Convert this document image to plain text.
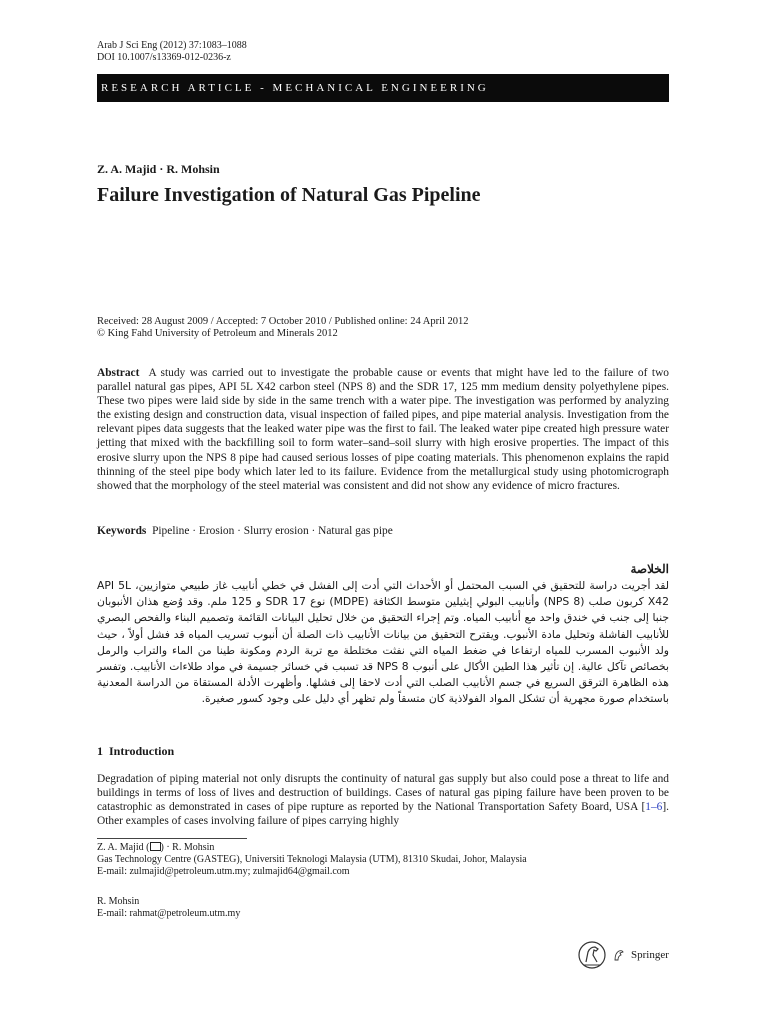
Arab J Sci Eng (2012) 37:1083–1088
DOI 10.1007/s13369-012-0236-z
RESEARCH ARTICLE - MECHANICAL ENGINEERING
Z. A. Majid · R. Mohsin
Failure Investigation of Natural Gas Pipeline
Received: 28 August 2009 / Accepted: 7 October 2010 / Published online: 24 April 2012
© King Fahd University of Petroleum and Minerals 2012

Abstract A study was carried out to investigate the probable cause or events that might have led to the failure of two parallel natural gas pipes, API 5L X42 carbon steel (NPS 8) and the SDR 17, 125 mm medium density polyethylene pipes. These two pipes were laid side by side in the same trench with a water pipe. The investigation was performed by analyzing the existing design and construction data, visual inspection of failed pipes, and pipe material analysis. Investigation from the relevant pipes data suggests that the leaked water pipe was the first to fail. The leaked water pipe created high pressure water jetting that mixed with the backfilling soil to form water–sand–soil slurry with high erosive properties. The impact of this erosive slurry upon the NPS 8 pipe had caused serious losses of pipe coating materials. This phenomenon explains the rapid thinning of the steel pipe body which later led to its failure. Evidence from the metallurgical study using photomicrograph showed that the morphology of the steel material was consistent and did not show any evidence of micro fractures.

Keywords Pipeline · Erosion · Slurry erosion · Natural gas pipe
الخلاصة

لقد أجريت دراسة للتحقيق في السبب المحتمل أو الأحداث التي أدت إلى الفشل في خطي أنابيب غاز طبيعي متوازيين، API 5L X42 كربون صلب (NPS 8) وأنابيب البولي إيثيلين متوسط الكثافة (MDPE) نوع SDR 17 و 125 ملم. وقد وُضع هذان الأنبوبان جنبا إلى جنب في خندق واحد مع أنابيب المياه. وتم إجراء التحقيق من خلال تحليل البيانات القائمة وتصميم البناء والفحص البصري للأنابيب الفاشلة وتحليل مادة الأنبوب. ويقترح التحقيق من بيانات الأنابيب ذات الصلة أن أنبوب تسريب المياه قد فشل أولاً ، حيث ولد الأنبوب المسرب للمياه ارتفاعا في ضغط المياه التي نفثت مختلطة مع تربة الردم ومكونة طينا من الماء والتراب والرمل بخصائص تآكل عالية. إن تأثير هذا الطين الأكال على أنبوب NPS 8 قد تسبب في خسائر جسيمة في مواد طلاءات الأنابيب. وتفسر هذه الظاهرة الترقق السريع في جسم الأنابيب الصلب التي أدت لاحقا إلى فشلها. وأظهرت الأدلة المستقاة من الدراسة المعدنية باستخدام صورة مجهرية أن تشكل المواد الفولاذية كان متسقاً ولم تظهر أي دليل على وجود كسور صغيرة.

1 Introduction

Degradation of piping material not only disrupts the continuity of natural gas supply but also could pose a threat to life and buildings in terms of loss of lives and destruction of buildings. Cases of natural gas piping failure have been proven to be catastrophic as demonstrated in cases of pipe rupture as reported by the National Transportation Safety Board, USA [1–6]. Other examples of cases involving failure of pipes carrying highly

Z. A. Majid ( ) · R. Mohsin
Gas Technology Centre (GASTEG), Universiti Teknologi Malaysia (UTM), 81310 Skudai, Johor, Malaysia
E-mail: zulmajid@petroleum.utm.my; zulmajid64@gmail.com
R. Mohsin
E-mail: rahmat@petroleum.utm.my
Springer
